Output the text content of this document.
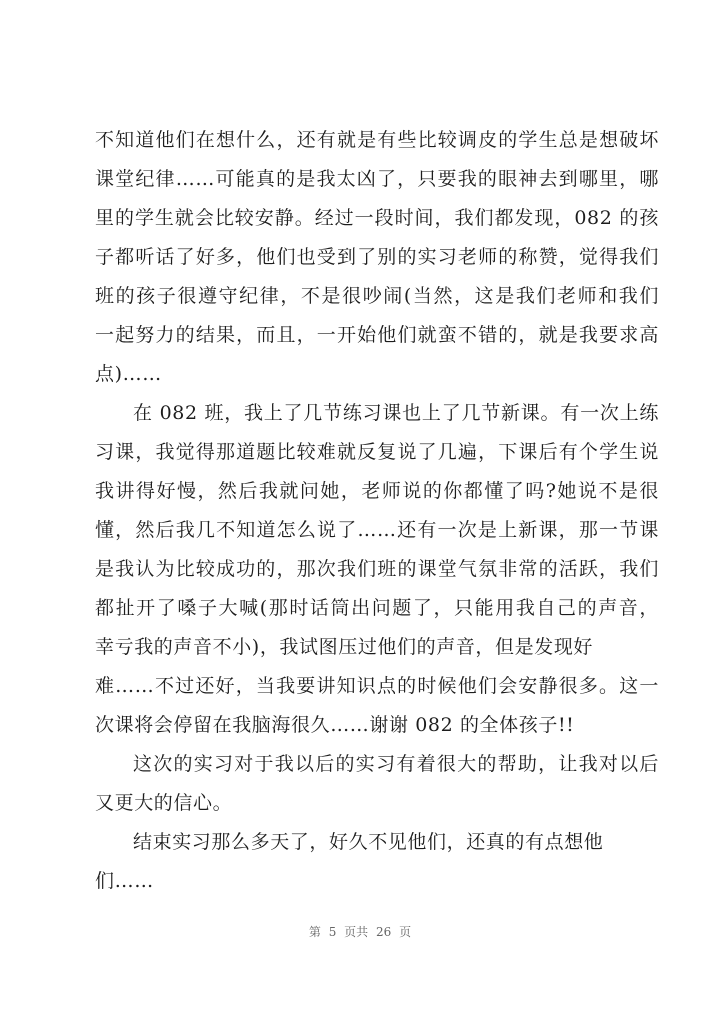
不知道他们在想什么，还有就是有些比较调皮的学生总是想破坏
课堂纪律……可能真的是我太凶了，只要我的眼神去到哪里，哪
里的学生就会比较安静。经过一段时间，我们都发现，082 的孩
子都听话了好多，他们也受到了别的实习老师的称赞，觉得我们
班的孩子很遵守纪律，不是很吵闹(当然，这是我们老师和我们
一起努力的结果，而且，一开始他们就蛮不错的，就是我要求高
点)……
在 082 班，我上了几节练习课也上了几节新课。有一次上练
习课，我觉得那道题比较难就反复说了几遍，下课后有个学生说
我讲得好慢，然后我就问她，老师说的你都懂了吗?她说不是很
懂，然后我几不知道怎么说了……还有一次是上新课，那一节课
是我认为比较成功的，那次我们班的课堂气氛非常的活跃，我们
都扯开了嗓子大喊(那时话筒出问题了，只能用我自己的声音，
幸亏我的声音不小)，我试图压过他们的声音，但是发现好
难……不过还好，当我要讲知识点的时候他们会安静很多。这一
次课将会停留在我脑海很久……谢谢 082 的全体孩子!!
这次的实习对于我以后的实习有着很大的帮助，让我对以后
又更大的信心。
结束实习那么多天了，好久不见他们，还真的有点想他
们……
第 5 页共 26 页
